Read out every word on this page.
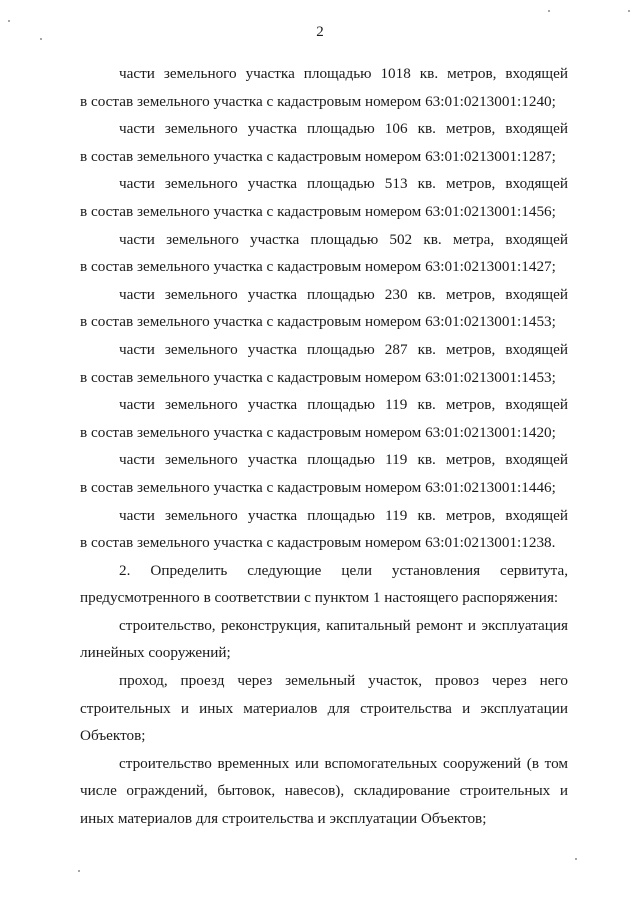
2

части земельного участка площадью 1018 кв. метров, входящей
в состав земельного участка с кадастровым номером 63:01:0213001:1240;

части земельного участка площадью 106 кв. метров, входящей
в состав земельного участка с кадастровым номером 63:01:0213001:1287;

части земельного участка площадью 513 кв. метров, входящей
в состав земельного участка с кадастровым номером 63:01:0213001:1456;

части земельного участка площадью 502 кв. метра, входящей
в состав земельного участка с кадастровым номером 63:01:0213001:1427;

части земельного участка площадью 230 кв. метров, входящей
в состав земельного участка с кадастровым номером 63:01:0213001:1453;

части земельного участка площадью 287 кв. метров, входящей
в состав земельного участка с кадастровым номером 63:01:0213001:1453;

части земельного участка площадью 119 кв. метров, входящей
в состав земельного участка с кадастровым номером 63:01:0213001:1420;

части земельного участка площадью 119 кв. метров, входящей
в состав земельного участка с кадастровым номером 63:01:0213001:1446;

части земельного участка площадью 119 кв. метров, входящей
в состав земельного участка с кадастровым номером 63:01:0213001:1238.

2. Определить следующие цели установления сервитута,
предусмотренного в соответствии с пунктом 1 настоящего распоряжения:

строительство, реконструкция, капитальный ремонт и эксплуатация линейных сооружений;

проход, проезд через земельный участок, провоз через него строительных и иных материалов для строительства и эксплуатации Объектов;

строительство временных или вспомогательных сооружений (в том числе ограждений, бытовок, навесов), складирование строительных и иных материалов для строительства и эксплуатации Объектов;
